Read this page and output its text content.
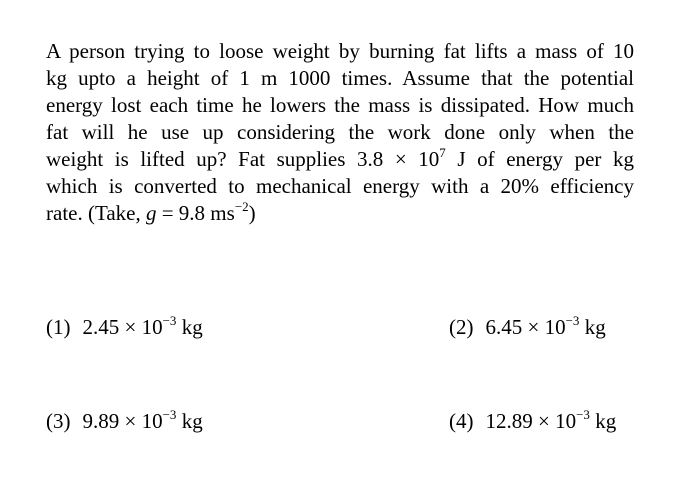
A person trying to loose weight by burning fat lifts a mass of 10
kg upto a height of 1 m 1000 times. Assume that the potential
energy lost each time he lowers the mass is dissipated. How much
fat will he use up considering the work done only when the
weight is lifted up? Fat supplies $3.8 \times 10^7$ J of energy per kg
which is converted to mechanical energy with a 20% efficiency
rate. (Take, g = 9.8 $ms^{-2}$)
(1) $2.45 \times 10^{-3}$ kg	(2) $6.45 \times 10^{-3}$ kg
(3) $9.89 \times 10^{-3}$ kg	(4) $12.89 \times 10^{-3}$ kg
